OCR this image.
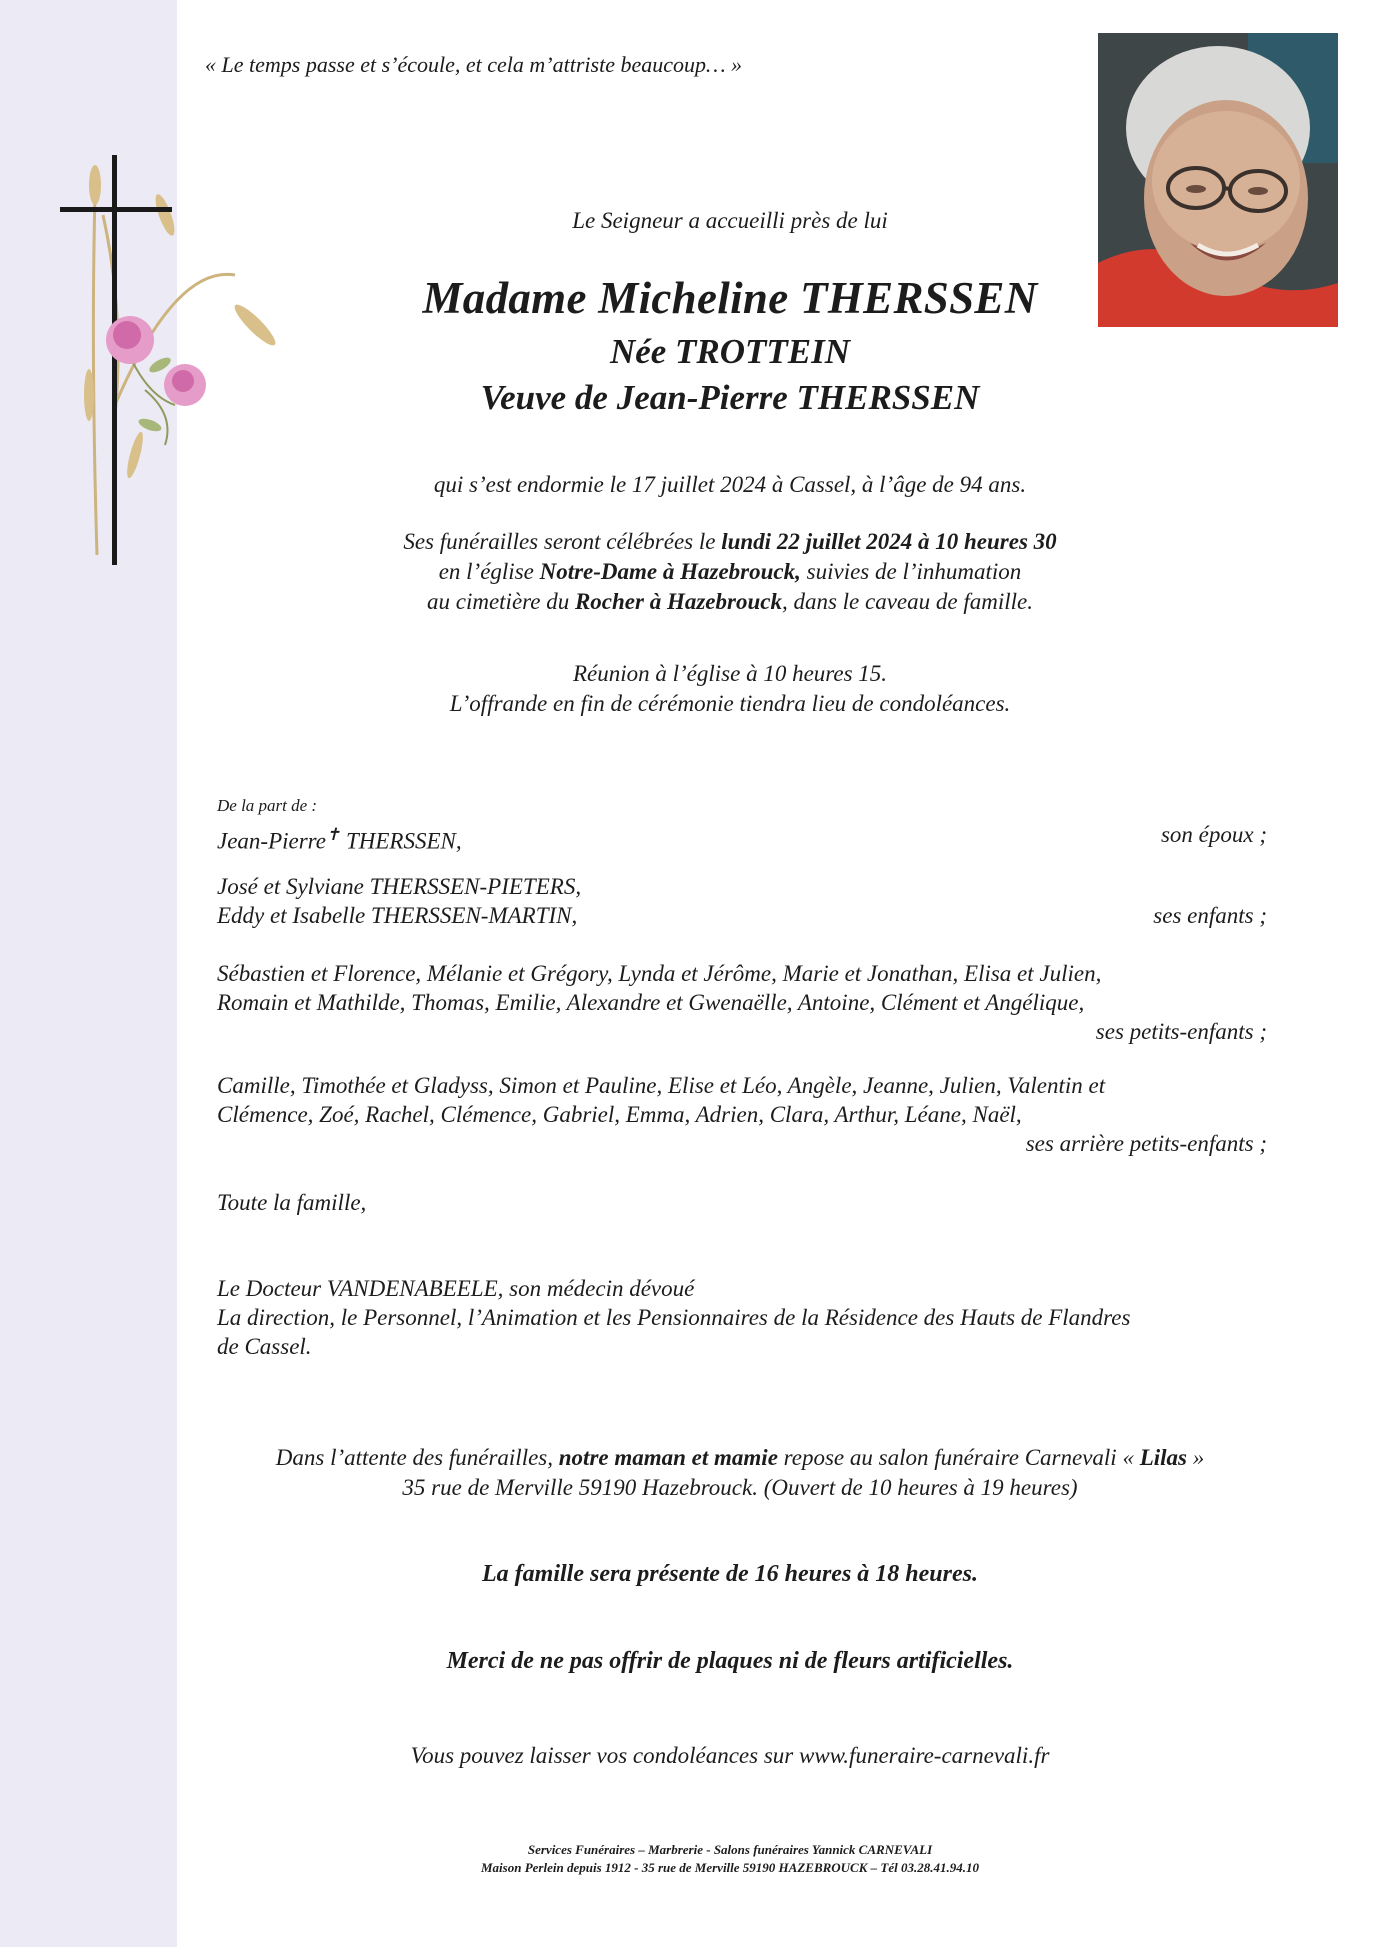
« Le temps passe et s’écoule, et cela m’attriste beaucoup… »
Le Seigneur a accueilli près de lui
Madame Micheline THERSSEN
Née TROTTEIN
Veuve de Jean-Pierre THERSSEN
qui s’est endormie le 17 juillet 2024 à Cassel, à l’âge de 94 ans.
Ses funérailles seront célébrées le lundi 22 juillet 2024 à 10 heures 30
en l’église Notre-Dame à Hazebrouck, suivies de l’inhumation
au cimetière du Rocher à Hazebrouck, dans le caveau de famille.
Réunion à l’église à 10 heures 15.
L’offrande en fin de cérémonie tiendra lieu de condoléances.
De la part de :
Jean-Pierre✝ THERSSEN,	son époux ;
José et Sylviane THERSSEN-PIETERS,
Eddy et Isabelle THERSSEN-MARTIN,	ses enfants ;
Sébastien et Florence, Mélanie et Grégory, Lynda et Jérôme, Marie et Jonathan, Elisa et Julien,
Romain et Mathilde, Thomas, Emilie, Alexandre et Gwenaëlle, Antoine, Clément et Angélique,
ses petits-enfants ;
Camille, Timothée et Gladyss, Simon et Pauline, Elise et Léo, Angèle, Jeanne, Julien, Valentin et
Clémence, Zoé, Rachel, Clémence, Gabriel, Emma, Adrien, Clara, Arthur, Léane, Naël,
ses arrière petits-enfants ;
Toute la famille,
Le Docteur VANDENABEELE, son médecin dévoué
La direction, le Personnel, l’Animation et les Pensionnaires de la Résidence des Hauts de Flandres
de Cassel.
Dans l’attente des funérailles, notre maman et mamie repose au salon funéraire Carnevali « Lilas »
35 rue de Merville 59190 Hazebrouck. (Ouvert de 10 heures à 19 heures)
La famille sera présente de 16 heures à 18 heures.
Merci de ne pas offrir de plaques ni de fleurs artificielles.
Vous pouvez laisser vos condoléances sur www.funeraire-carnevali.fr
Services Funéraires – Marbrerie - Salons funéraires Yannick CARNEVALI
Maison Perlein depuis 1912 - 35 rue de Merville 59190 HAZEBROUCK – Tél 03.28.41.94.10
